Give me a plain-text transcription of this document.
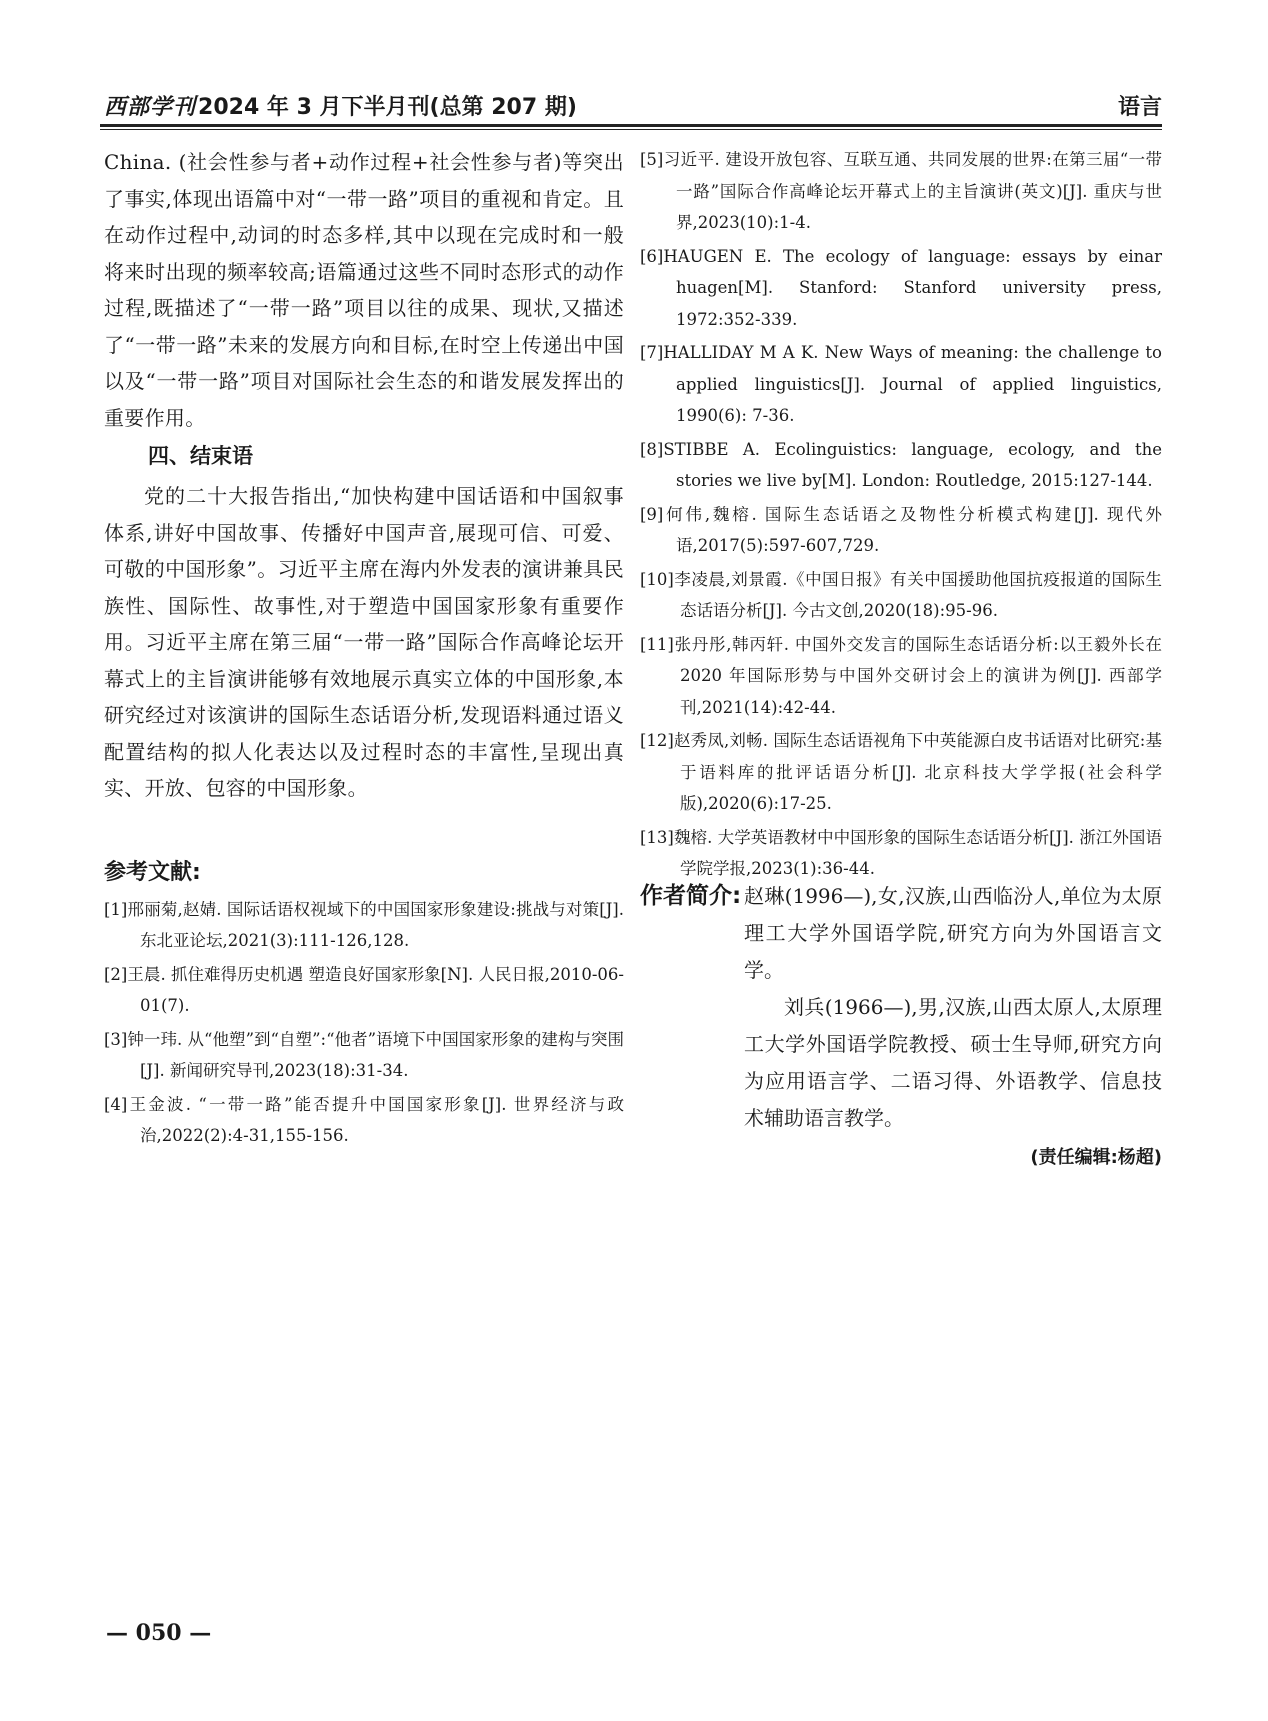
西部学刊 2024 年 3 月下半月刊(总第 207 期)	语言

China. (社会性参与者+动作过程+社会性参与者)等突出了事实,体现出语篇中对“一带一路”项目的重视和肯定。且在动作过程中,动词的时态多样,其中以现在完成时和一般将来时出现的频率较高;语篇通过这些不同时态形式的动作过程,既描述了“一带一路”项目以往的成果、现状,又描述了“一带一路”未来的发展方向和目标,在时空上传递出中国以及“一带一路”项目对国际社会生态的和谐发展发挥出的重要作用。

四、结束语

党的二十大报告指出,“加快构建中国话语和中国叙事体系,讲好中国故事、传播好中国声音,展现可信、可爱、可敬的中国形象”。习近平主席在海内外发表的演讲兼具民族性、国际性、故事性,对于塑造中国国家形象有重要作用。习近平主席在第三届“一带一路”国际合作高峰论坛开幕式上的主旨演讲能够有效地展示真实立体的中国形象,本研究经过对该演讲的国际生态话语分析,发现语料通过语义配置结构的拟人化表达以及过程时态的丰富性,呈现出真实、开放、包容的中国形象。

参考文献:
[1]邢丽菊,赵婧. 国际话语权视域下的中国国家形象建设:挑战与对策[J]. 东北亚论坛,2021(3):111-126,128.
[2]王晨. 抓住难得历史机遇 塑造良好国家形象[N]. 人民日报,2010-06-01(7).
[3]钟一玮. 从“他塑”到“自塑”:“他者”语境下中国国家形象的建构与突围[J]. 新闻研究导刊,2023(18):31-34.
[4]王金波. “一带一路”能否提升中国国家形象[J]. 世界经济与政治,2022(2):4-31,155-156.
[5]习近平. 建设开放包容、互联互通、共同发展的世界:在第三届“一带一路”国际合作高峰论坛开幕式上的主旨演讲(英文)[J]. 重庆与世界,2023(10):1-4.
[6]HAUGEN E. The ecology of language: essays by einar huagen[M]. Stanford: Stanford university press, 1972:352-339.
[7]HALLIDAY M A K. New Ways of meaning: the challenge to applied linguistics[J]. Journal of applied linguistics, 1990(6): 7-36.
[8]STIBBE A. Ecolinguistics: language, ecology, and the stories we live by[M]. London: Routledge, 2015:127-144.
[9]何伟,魏榕. 国际生态话语之及物性分析模式构建[J]. 现代外语,2017(5):597-607,729.
[10]李凌晨,刘景霞.《中国日报》有关中国援助他国抗疫报道的国际生态话语分析[J]. 今古文创,2020(18):95-96.
[11]张丹彤,韩丙轩. 中国外交发言的国际生态话语分析:以王毅外长在 2020 年国际形势与中国外交研讨会上的演讲为例[J]. 西部学刊,2021(14):42-44.
[12]赵秀凤,刘畅. 国际生态话语视角下中英能源白皮书话语对比研究:基于语料库的批评话语分析[J]. 北京科技大学学报(社会科学版),2020(6):17-25.
[13]魏榕. 大学英语教材中中国形象的国际生态话语分析[J]. 浙江外国语学院学报,2023(1):36-44.
作者简介: 赵琳(1996—),女,汉族,山西临汾人,单位为太原理工大学外国语学院,研究方向为外国语言文学。

刘兵(1966—),男,汉族,山西太原人,太原理工大学外国语学院教授、硕士生导师,研究方向为应用语言学、二语习得、外语教学、信息技术辅助语言教学。

(责任编辑:杨超)
— 050 —
